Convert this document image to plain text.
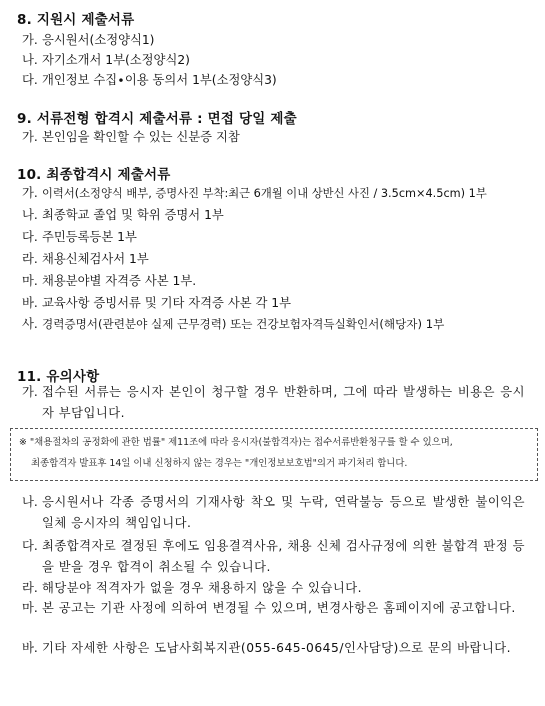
8. 지원시 제출서류
가. 응시원서(소정양식1)
나. 자기소개서 1부(소정양식2)
다. 개인정보 수집∙이용 동의서 1부(소정양식3)
9. 서류전형 합격시 제출서류 : 면접 당일 제출
가. 본인임을 확인할 수 있는 신분증 지참
10. 최종합격시 제출서류
가. 이력서(소정양식 배부, 증명사진 부착:최근 6개월 이내 상반신 사진 / 3.5cm×4.5cm) 1부
나. 최종학교 졸업 및 학위 증명서 1부
다. 주민등록등본 1부
라. 채용신체검사서 1부
마. 채용분야별 자격증 사본 1부.
바. 교육사항 증빙서류 및 기타 자격증 사본 각 1부
사. 경력증명서(관련분야 실제 근무경력) 또는 건강보험자격득실확인서(해당자) 1부
11. 유의사항
가. 접수된 서류는 응시자 본인이 청구할 경우 반환하며, 그에 따라 발생하는 비용은 응시자 부담입니다.
※ "채용절차의 공정화에 관한 법률" 제11조에 따라 응시자(불합격자)는 접수서류반환청구를 할 수 있으며,
최종합격자 발표후 14일 이내 신청하지 않는 경우는 "개인정보보호법"의거 파기처리 합니다.
나. 응시원서나 각종 증명서의 기재사항 착오 및 누락, 연락불능 등으로 발생한 불이익은 일체 응시자의 책임입니다.
다. 최종합격자로 결정된 후에도 임용결격사유, 채용 신체 검사규정에 의한 불합격 판정 등을 받을 경우 합격이 취소될 수 있습니다.
라. 해당분야 적격자가 없을 경우 채용하지 않을 수 있습니다.
마. 본 공고는 기관 사정에 의하여 변경될 수 있으며, 변경사항은 홈페이지에 공고합니다.
바. 기타 자세한 사항은 도남사회복지관(055-645-0645/인사담당)으로 문의 바랍니다.
